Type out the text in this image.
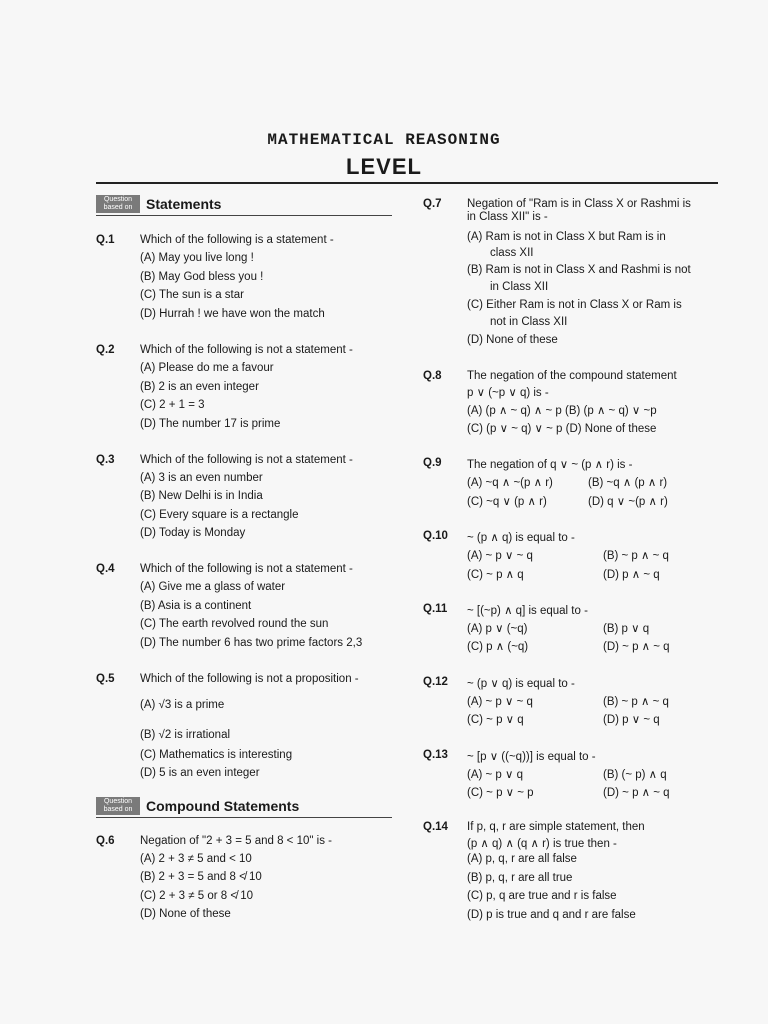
MATHEMATICAL REASONING
LEVEL
Question
based on Statements
Q.1 Which of the following is a statement -
(A) May you live long !
(B) May God bless you !
(C) The sun is a star
(D) Hurrah ! we have won the match
Q.2 Which of the following is not a statement -
(A) Please do me a favour
(B) 2 is an even integer
(C) 2 + 1 = 3
(D) The number 17 is prime
Q.3 Which of the following is not a statement -
(A) 3 is an even number
(B) New Delhi is in India
(C) Every square is a rectangle
(D) Today is Monday
Q.4 Which of the following is not a statement -
(A) Give me a glass of water
(B) Asia is a continent
(C) The earth revolved round the sun
(D) The number 6 has two prime factors 2,3
Q.5 Which of the following is not a proposition -
(A) √3 is a prime
(B) √2 is irrational
(C) Mathematics is interesting
(D) 5 is an even integer
Question
based on Compound Statements
Q.6 Negation of "2 + 3 = 5 and 8 < 10" is -
(A) 2 + 3 ≠ 5 and < 10
(B) 2 + 3 = 5 and 8 ≮ 10
(C) 2 + 3 ≠ 5 or 8 ≮ 10
(D) None of these
Q.7 Negation of "Ram is in Class X or Rashmi is
in Class XII" is -
(A) Ram is not in Class X but Ram is in
class XII
(B) Ram is not in Class X and Rashmi is not
in Class XII
(C) Either Ram is not in Class X or Ram is
not in Class XII
(D) None of these
Q.8 The negation of the compound statement
p ∨ (~p ∨ q) is -
(A) (p ∧ ~ q) ∧ ~ p (B) (p ∧ ~ q) ∨ ~p
(C) (p ∨ ~ q) ∨ ~ p (D) None of these
Q.9 The negation of q ∨ ~ (p ∧ r) is -
(A) ~q ∧ ~(p ∧ r)	(B) ~q ∧ (p ∧ r)
(C) ~q ∨ (p ∧ r)	(D) q ∨ ~(p ∧ r)
Q.10 ~ (p ∧ q) is equal to -
(A) ~ p ∨ ~ q	(B) ~ p ∧ ~ q
(C) ~ p ∧ q	(D) p ∧ ~ q
Q.11 ~ [(~p) ∧ q] is equal to -
(A) p ∨ (~q)	(B) p ∨ q
(C) p ∧ (~q)	(D) ~ p ∧ ~ q
Q.12 ~ (p ∨ q) is equal to -
(A) ~ p ∨ ~ q	(B) ~ p ∧ ~ q
(C) ~ p ∨ q	(D) p ∨ ~ q
Q.13 ~ [p ∨ ((~q))] is equal to -
(A) ~ p ∨ q	(B) (~ p) ∧ q
(C) ~ p ∨ ~ p	(D) ~ p ∧ ~ q
Q.14 If p, q, r are simple statement, then
(p ∧ q) ∧ (q ∧ r) is true then -
(A) p, q, r are all false
(B) p, q, r are all true
(C) p, q are true and r is false
(D) p is true and q and r are false
